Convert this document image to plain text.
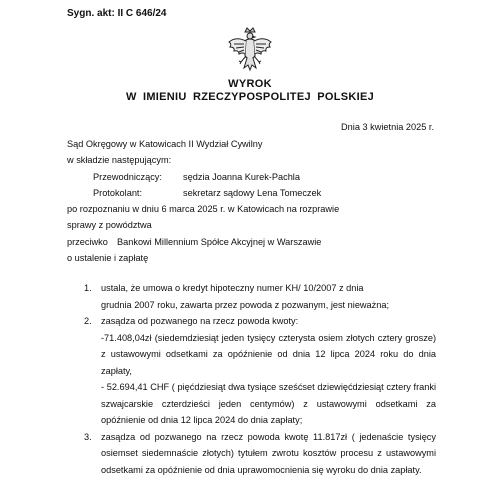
Sygn. akt: II C 646/24
WYROK
W IMIENIU RZECZYPOSPOLITEJ POLSKIEJ
Dnia 3 kwietnia 2025 r.
Sąd Okręgowy w Katowicach II Wydział Cywilny
w składzie następującym:
Przewodniczący: sędzia Joanna Kurek-Pachla
Protokolant:	sekretarz sądowy Lena Tomeczek
po rozpoznaniu w dniu 6 marca 2025 r. w Katowicach na rozprawie
sprawy z powództwa
przeciwko Bankowi Millennium Spółce Akcyjnej w Warszawie
o ustalenie i zapłatę
1. ustala, że umowa o kredyt hipoteczny numer KH/ 10/2007 z dnia
grudnia 2007 roku, zawarta przez powoda z pozwanym, jest nieważna;
2. zasądza od pozwanego na rzecz powoda kwoty:
-71.408,04zł (siedemdziesiąt jeden tysięcy czterysta osiem złotych cztery grosze) z ustawowymi odsetkami za opóźnienie od dnia 12 lipca 2024 roku do dnia zapłaty,
- 52.694,41 CHF ( pięćdziesiąt dwa tysiące sześćset dziewięćdziesiąt cztery franki szwajcarskie czterdzieści jeden centymów) z ustawowymi odsetkami za opóźnienie od dnia 12 lipca 2024 do dnia zapłaty;
3. zasądza od pozwanego na rzecz powoda kwotę 11.817zł ( jedenaście tysięcy osiemset siedemnaście złotych) tytułem zwrotu kosztów procesu z ustawowymi odsetkami za opóźnienie od dnia uprawomocnienia się wyroku do dnia zapłaty.
